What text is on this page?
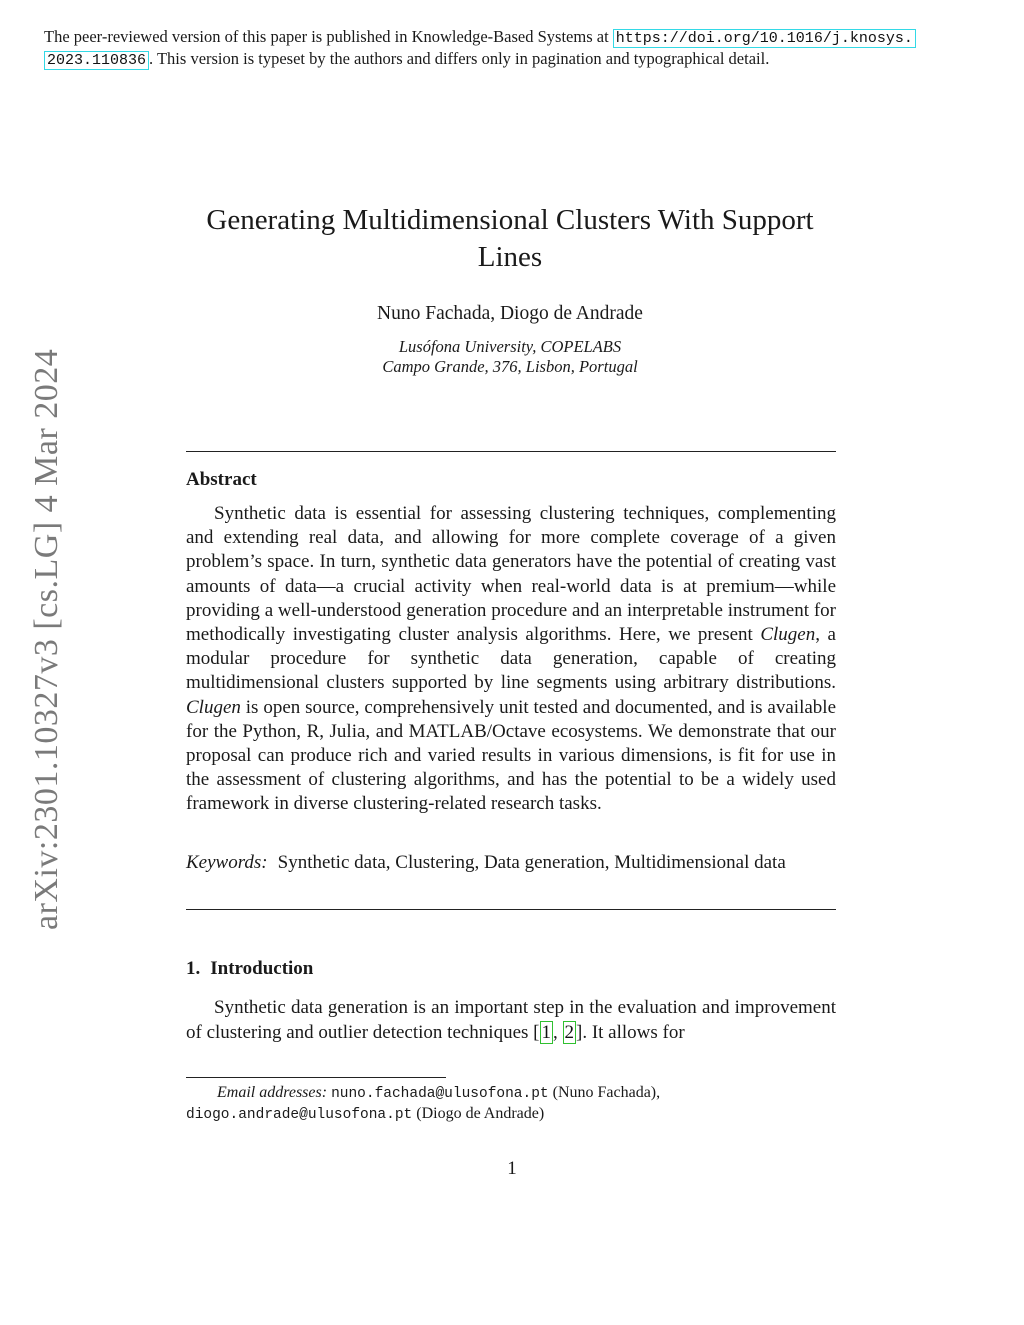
The peer-reviewed version of this paper is published in Knowledge-Based Systems at https://doi.org/10.1016/j.knosys.
2023.110836 . This version is typeset by the authors and differs only in pagination and typographical detail.
arXiv:2301.10327v3 [cs.LG] 4 Mar 2024
Generating Multidimensional Clusters With Support Lines
Nuno Fachada, Diogo de Andrade
Lusófona University, COPELABS
Campo Grande, 376, Lisbon, Portugal
Abstract
Synthetic data is essential for assessing clustering techniques, complementing and extending real data, and allowing for more complete coverage of a given problem’s space. In turn, synthetic data generators have the potential of creating vast amounts of data—a crucial activity when real-world data is at premium—while providing a well-understood generation procedure and an interpretable instrument for methodically investigating cluster analysis algorithms. Here, we present Clugen, a modular procedure for synthetic data generation, capable of creating multidimensional clusters supported by line segments using arbitrary distributions. Clugen is open source, comprehensively unit tested and documented, and is available for the Python, R, Julia, and MATLAB/Octave ecosystems. We demonstrate that our proposal can produce rich and varied results in various dimensions, is fit for use in the assessment of clustering algorithms, and has the potential to be a widely used framework in diverse clustering-related research tasks.
Keywords: Synthetic data, Clustering, Data generation, Multidimensional data
1. Introduction
Synthetic data generation is an important step in the evaluation and improvement of clustering and outlier detection techniques [ 1 , 2 ]. It allows for
Email addresses: nuno.fachada@ulusofona.pt (Nuno Fachada),
diogo.andrade@ulusofona.pt (Diogo de Andrade)
1
